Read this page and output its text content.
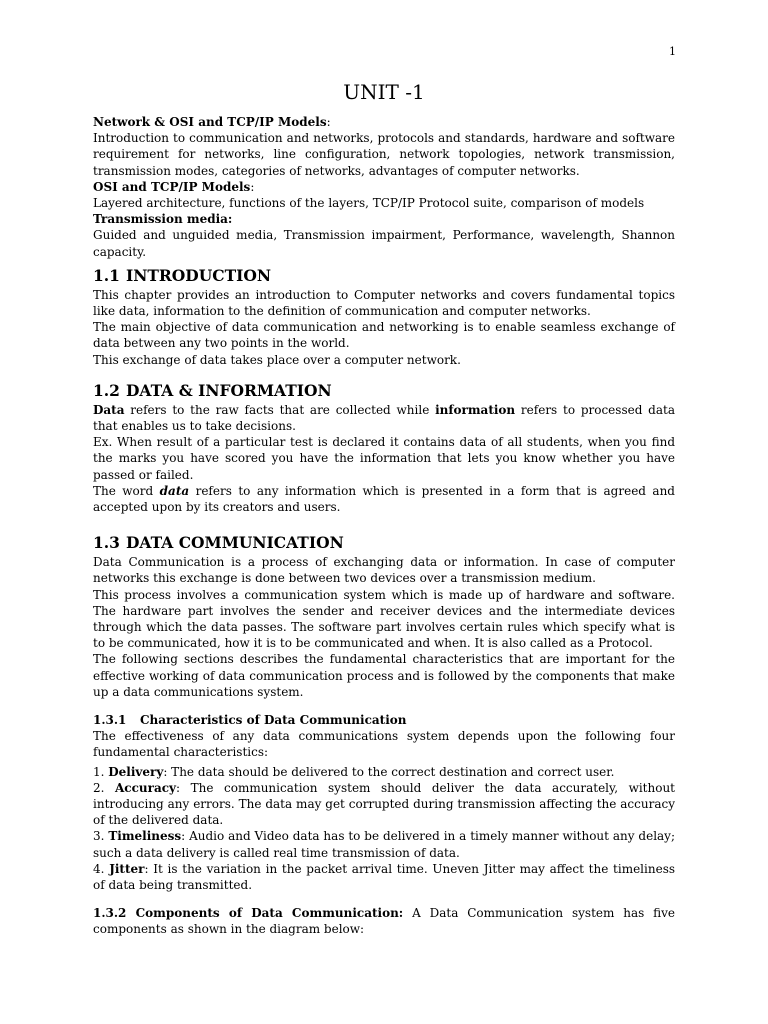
1
UNIT -1

Network & OSI and TCP/IP Models:
Introduction to communication and networks, protocols and standards, hardware and software requirement for networks, line configuration, network topologies, network transmission, transmission modes, categories of networks, advantages of computer networks.

OSI and TCP/IP Models:
Layered architecture, functions of the layers, TCP/IP Protocol suite, comparison of models

Transmission media:

Guided and unguided media, Transmission impairment, Performance, wavelength, Shannon capacity.

1.1 INTRODUCTION

This chapter provides an introduction to Computer networks and covers fundamental topics like data, information to the definition of communication and computer networks.

The main objective of data communication and networking is to enable seamless exchange of data between any two points in the world.

This exchange of data takes place over a computer network.

1.2 DATA & INFORMATION

Data refers to the raw facts that are collected while information refers to processed data that enables us to take decisions.

Ex. When result of a particular test is declared it contains data of all students, when you find the marks you have scored you have the information that lets you know whether you have passed or failed.

The word data refers to any information which is presented in a form that is agreed and accepted upon by its creators and users.

1.3 DATA COMMUNICATION

Data Communication is a process of exchanging data or information. In case of computer networks this exchange is done between two devices over a transmission medium.

This process involves a communication system which is made up of hardware and software. The hardware part involves the sender and receiver devices and the intermediate devices through which the data passes. The software part involves certain rules which specify what is to be communicated, how it is to be communicated and when. It is also called as a Protocol.

The following sections describes the fundamental characteristics that are important for the effective working of data communication process and is followed by the components that make up a data communications system.

1.3.1 Characteristics of Data Communication

The effectiveness of any data communications system depends upon the following four fundamental characteristics:

1. Delivery: The data should be delivered to the correct destination and correct user.

2. Accuracy: The communication system should deliver the data accurately, without introducing any errors. The data may get corrupted during transmission affecting the accuracy of the delivered data.

3. Timeliness: Audio and Video data has to be delivered in a timely manner without any delay; such a data delivery is called real time transmission of data.

4. Jitter: It is the variation in the packet arrival time. Uneven Jitter may affect the timeliness of data being transmitted.

1.3.2 Components of Data Communication: A Data Communication system has five components as shown in the diagram below:
